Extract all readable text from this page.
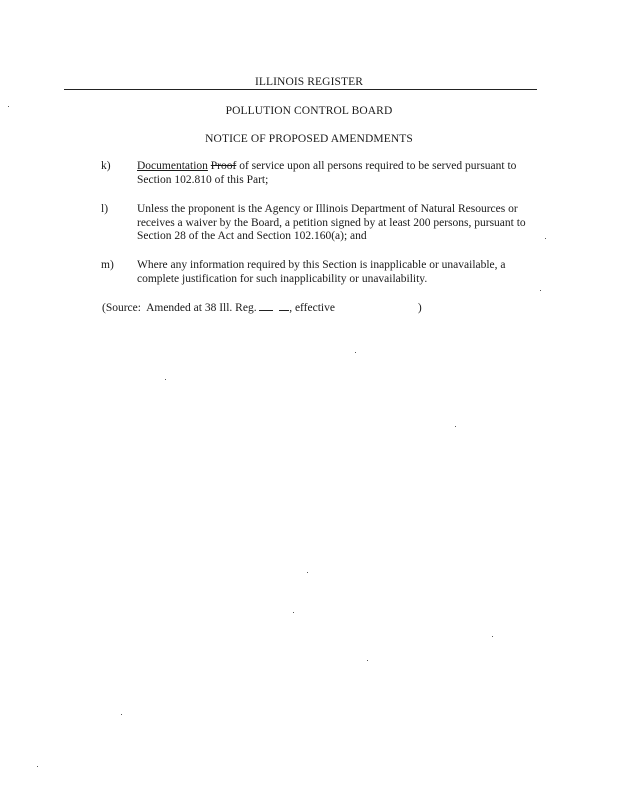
ILLINOIS REGISTER
POLLUTION CONTROL BOARD
NOTICE OF PROPOSED AMENDMENTS
k) Documentation Proof of service upon all persons required to be served pursuant to Section 102.810 of this Part;
l)	Unless the proponent is the Agency or Illinois Department of Natural Resources or receives a waiver by the Board, a petition signed by at least 200 persons, pursuant to Section 28 of the Act and Section 102.160(a); and
m) Where any information required by this Section is inapplicable or unavailable, a complete justification for such inapplicability or unavailability.
(Source:  Amended at 38 Ill. Reg.	, effective	)
